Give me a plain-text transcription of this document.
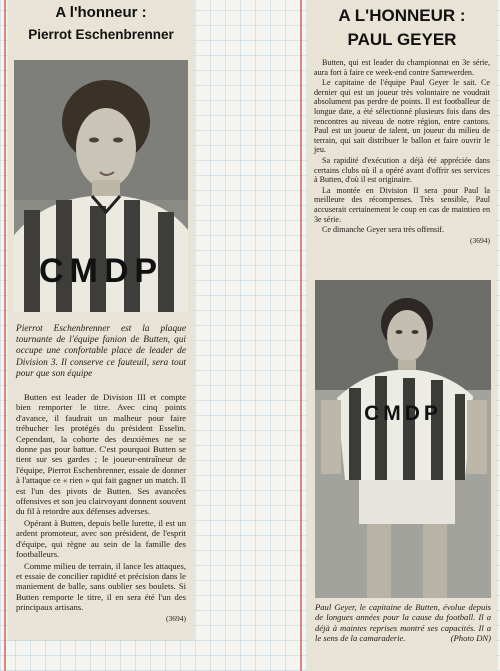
A l'honneur :
Pierrot Eschenbrenner
CMDP
Pierrot Eschenbrenner est la plaque tournante de l'équipe fanion de Butten, qui occupe une confortable place de leader de Division 3. Il conserve ce fauteuil, sera tout pour que son équipe

Butten est leader de Division III et compte bien remporter le titre. Avec cinq points d'avance, il faudrait un malheur pour faire trébucher les protégés du président Esselin. Cependant, la cohorte des deuxièmes ne se donne pas pour battue. C'est pourquoi Butten se tient sur ses gardes ; le joueur-entraîneur de l'équipe, Pierrot Eschenbrenner, essaie de donner à l'attaque ce « rien » qui fait gagner un match. Il est l'un des pivots de Butten. Ses avancées offensives et son jeu clairvoyant donnent souvent du fil à retordre aux défenses adverses.

Opérant à Butten, depuis belle lurette, il est un ardent promoteur, avec son président, de l'esprit d'équipe, qui règne au sein de la famille des footballeurs.

Comme milieu de terrain, il lance les attaques, et essaie de concilier rapidité et précision dans le maniement de balle, sans oublier ses boulets. Si Butten remporte le titre, il en sera été l'un des principaux artisans.

(3694)
A L'HONNEUR :
PAUL GEYER

Butten, qui est leader du championnat en 3e série, aura fort à faire ce week-end contre Sarrewerden.

Le capitaine de l'équipe Paul Geyer le sait. Ce dernier qui est un joueur très volontaire ne voudrait absolument pas perdre de points. Il est footballeur de longue date, a été sélectionné plusieurs fois dans des rencontres au niveau de notre région, entre cantons. Paul est un joueur de talent, un joueur du milieu de terrain, qui sait distribuer le ballon et faire ouvrir le jeu.

Sa rapidité d'exécution a déjà été appréciée dans certains clubs où il a opéré avant d'offrir ses services à Butten, d'où il est originaire.

La montée en Division II sera pour Paul la meilleure des récompenses. Très sensible, Paul accuserait certainement le coup en cas de maintien en 3e série.

Ce dimanche Geyer sera très offensif.

(3694)
CMDP
Paul Geyer, le capitaine de Butten, évolue depuis de longues années pour la cause du football. Il a déjà à maintes reprises montré ses capacités. Il a le sens de la camaraderie.	(Photo DN)
